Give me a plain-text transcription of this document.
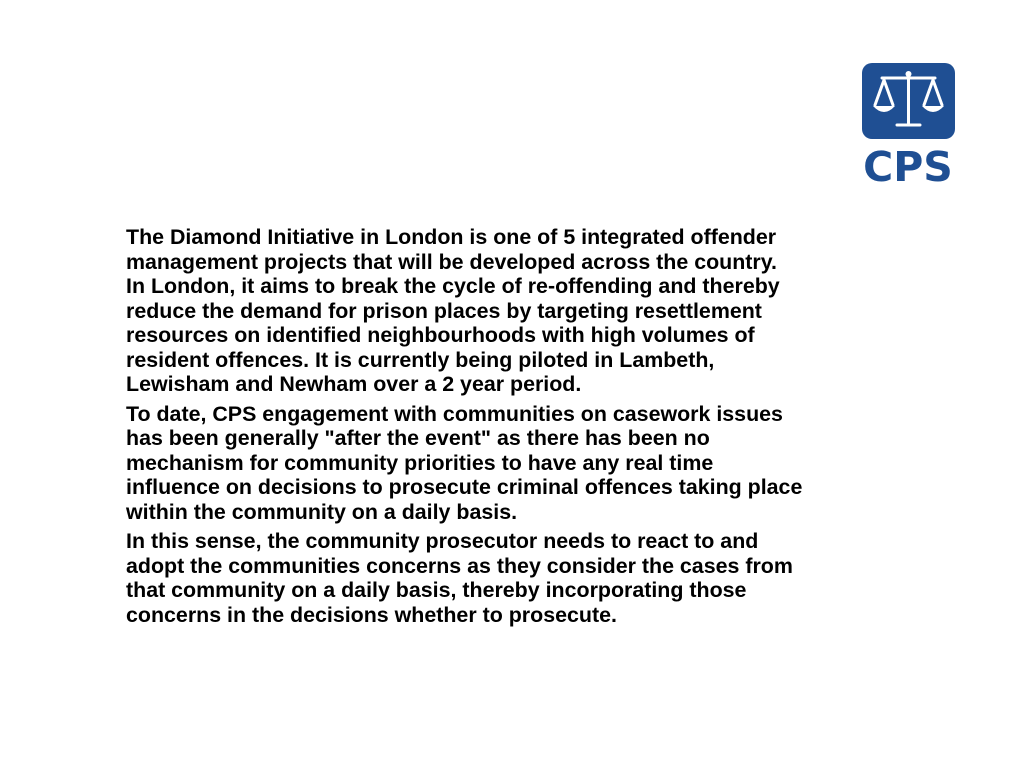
CPS

The Diamond Initiative in London is one of 5 integrated offender
management projects that will be developed across the country.
In London, it aims to break the cycle of re-offending and thereby
reduce the demand for prison places by targeting resettlement
resources on identified neighbourhoods with high volumes of
resident offences. It is currently being piloted in Lambeth,
Lewisham and Newham over a 2 year period.

To date, CPS engagement with communities on casework issues
has been generally "after the event" as there has been no
mechanism for community priorities to have any real time
influence on decisions to prosecute criminal offences taking place
within the community on a daily basis.

In this sense, the community prosecutor needs to react to and
adopt the communities concerns as they consider the cases from
that community on a daily basis, thereby incorporating those
concerns in the decisions whether to prosecute.
